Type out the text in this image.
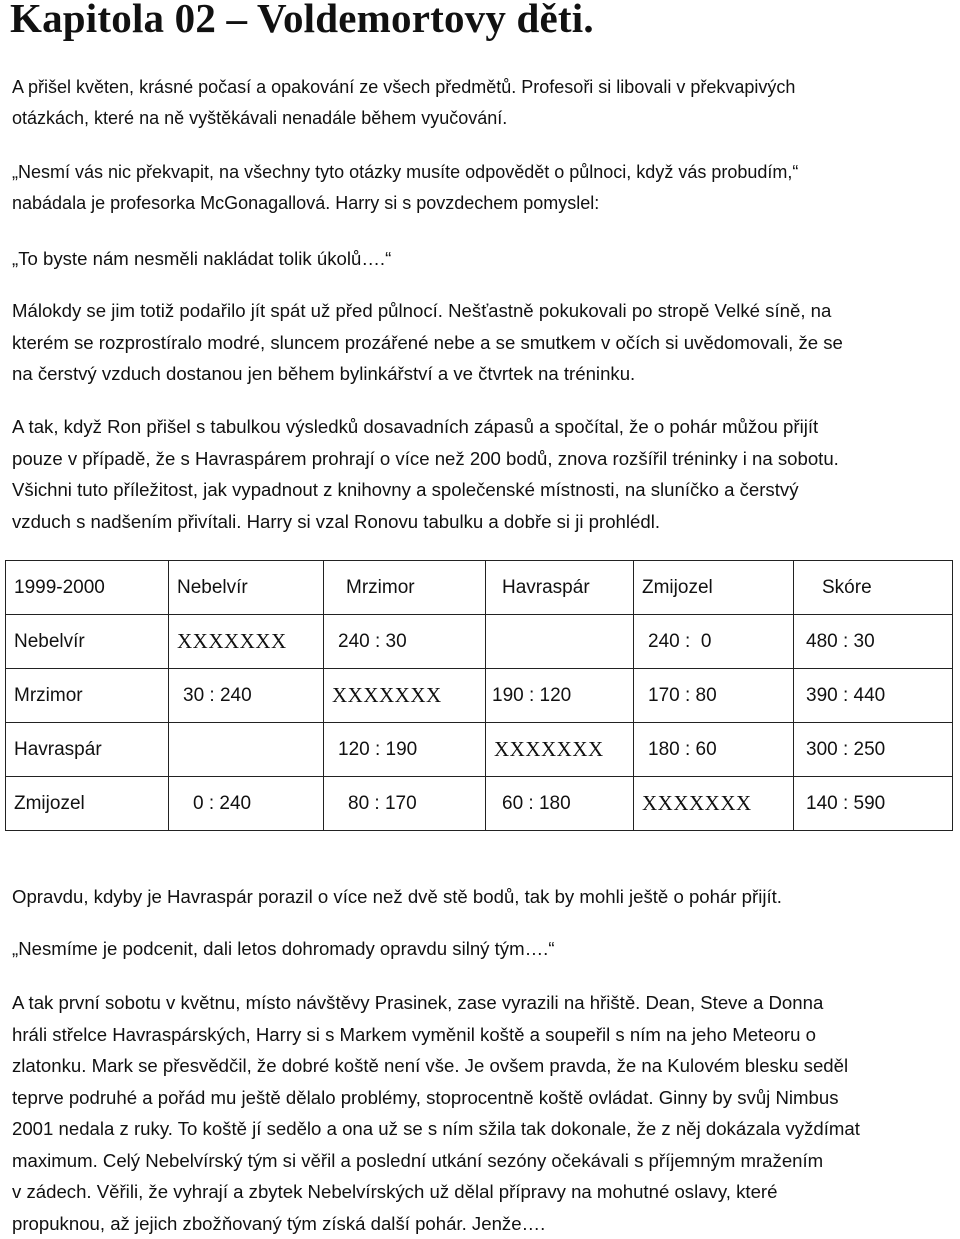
Kapitola 02 – Voldemortovy děti.
A přišel květen, krásné počasí a opakování ze všech předmětů. Profesoři si libovali v překvapivých
otázkách, které na ně vyštěkávali nenadále během vyučování.
„Nesmí vás nic překvapit, na všechny tyto otázky musíte odpovědět o půlnoci, když vás probudím,“
nabádala je profesorka McGonagallová. Harry si s povzdechem pomyslel:
„To byste nám nesměli nakládat tolik úkolů….“
Málokdy se jim totiž podařilo jít spát už před půlnocí. Nešťastně pokukovali po stropě Velké síně, na
kterém se rozprostíralo modré, sluncem prozářené nebe a se smutkem v očích si uvědomovali, že se
na čerstvý vzduch dostanou jen během bylinkářství a ve čtvrtek na tréninku.
A tak, když Ron přišel s tabulkou výsledků dosavadních zápasů a spočítal, že o pohár můžou přijít
pouze v případě, že s Havraspárem prohrají o více než 200 bodů, znova rozšířil tréninky i na sobotu.
Všichni tuto příležitost, jak vypadnout z knihovny a společenské místnosti, na sluníčko a čerstvý
vzduch s nadšením přivítali. Harry si vzal Ronovu tabulku a dobře si ji prohlédl.
1999-2000	Nebelvír	Mrzimor	Havraspár	Zmijozel	Skóre
Nebelvír	XXXXXXX	240 : 30		240 :  0	480 : 30
Mrzimor	30 : 240	XXXXXXX	190 : 120	170 : 80	390 : 440
Havraspár		120 : 190	XXXXXXX	180 : 60	300 : 250
Zmijozel	0 : 240	80 : 170	60 : 180	XXXXXXX	140 : 590
Opravdu, kdyby je Havraspár porazil o více než dvě stě bodů, tak by mohli ještě o pohár přijít.
„Nesmíme je podcenit, dali letos dohromady opravdu silný tým….“
A tak první sobotu v květnu, místo návštěvy Prasinek, zase vyrazili na hřiště. Dean, Steve a Donna
hráli střelce Havraspárských, Harry si s Markem vyměnil koště a soupeřil s ním na jeho Meteoru o
zlatonku. Mark se přesvědčil, že dobré koště není vše. Je ovšem pravda, že na Kulovém blesku seděl
teprve podruhé a pořád mu ještě dělalo problémy, stoprocentně koště ovládat. Ginny by svůj Nimbus
2001 nedala z ruky. To koště jí sedělo a ona už se s ním sžila tak dokonale, že z něj dokázala vyždímat
maximum. Celý Nebelvírský tým si věřil a poslední utkání sezóny očekávali s příjemným mražením
v zádech. Věřili, že vyhrají a zbytek Nebelvírských už dělal přípravy na mohutné oslavy, které
propuknou, až jejich zbožňovaný tým získá další pohár. Jenže….
